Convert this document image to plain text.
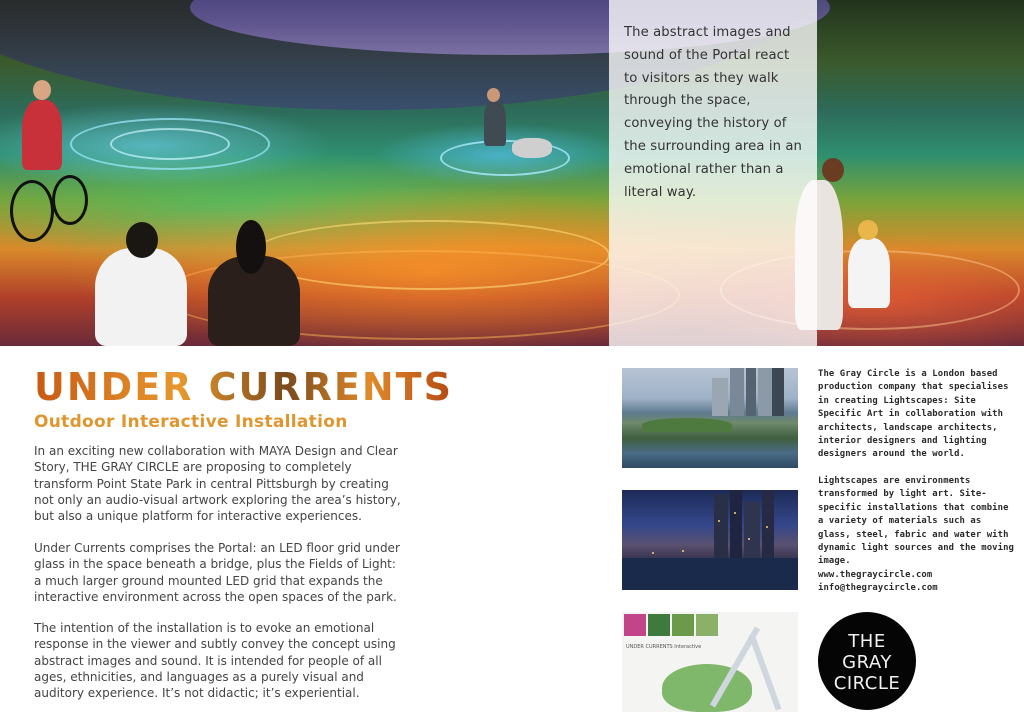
The abstract images and sound of the Portal react to visitors as they walk through the space, conveying the history of the surrounding area in an emotional rather than a literal way.

UNDER CURRENTS
Outdoor Interactive Installation

In an exciting new collaboration with MAYA Design and Clear Story, THE GRAY CIRCLE are proposing to completely transform Point State Park in central Pittsburgh by creating not only an audio-visual artwork exploring the area’s history, but also a unique platform for interactive experiences.

Under Currents comprises the Portal: an LED floor grid under glass in the space beneath a bridge, plus the Fields of Light: a much larger ground mounted LED grid that expands the interactive environment across the open spaces of the park.

The intention of the installation is to evoke an emotional response in the viewer and subtly convey the concept using abstract images and sound. It is intended for people of all ages, ethnicities, and languages as a purely visual and auditory experience. It’s not didactic; it’s experiential.

UNDER CURRENTS Interactive

The Gray Circle is a London based production company that specialises in creating Lightscapes: Site Specific Art in collaboration with architects, landscape architects, interior designers and lighting designers around the world.

Lightscapes are environments transformed by light art. Site-specific installations that combine a variety of materials such as glass, steel, fabric and water with dynamic light sources and the moving image.

www.thegraycircle.com

info@thegraycircle.com

THE
GRAY
CIRCLE
